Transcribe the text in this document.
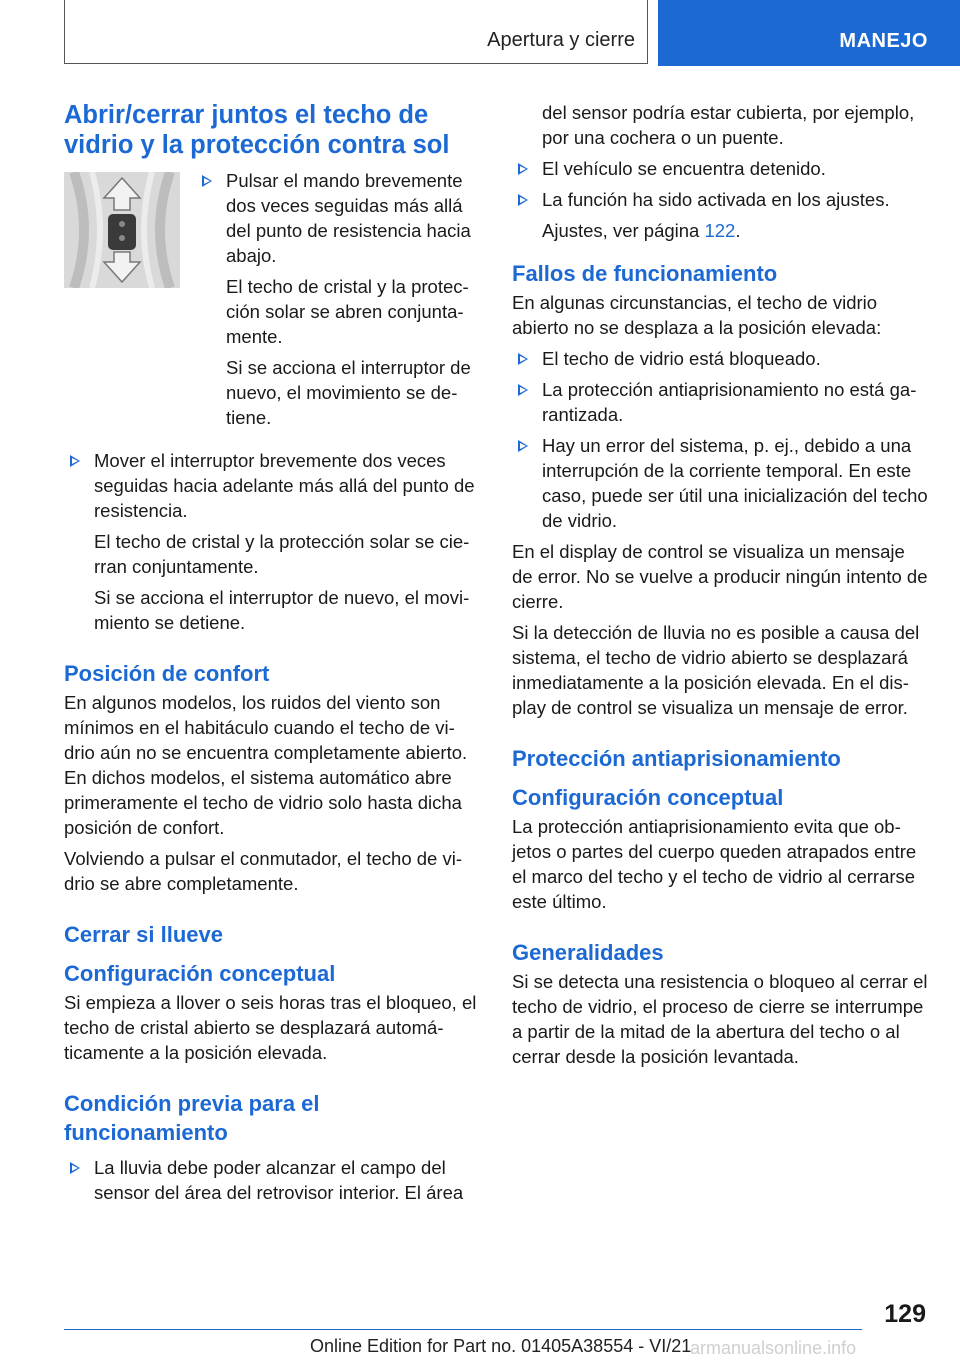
Apertura y cierre	MANEJO
Abrir/cerrar juntos el techo de vidrio y la protección contra sol
Pulsar el mando brevemente dos veces seguidas más allá del punto de resistencia hacia abajo.
El techo de cristal y la protección solar se abren conjuntamente.
Si se acciona el interruptor de nuevo, el movimiento se detiene.
Mover el interruptor brevemente dos veces seguidas hacia adelante más allá del punto de resistencia.
El techo de cristal y la protección solar se cierran conjuntamente.
Si se acciona el interruptor de nuevo, el movimiento se detiene.
Posición de confort

En algunos modelos, los ruidos del viento son mínimos en el habitáculo cuando el techo de vidrio aún no se encuentra completamente abierto. En dichos modelos, el sistema automático abre primeramente el techo de vidrio solo hasta dicha posición de confort.

Volviendo a pulsar el conmutador, el techo de vidrio se abre completamente.

Cerrar si llueve
Configuración conceptual

Si empieza a llover o seis horas tras el bloqueo, el techo de cristal abierto se desplazará automáticamente a la posición elevada.

Condición previa para el funcionamiento
La lluvia debe poder alcanzar el campo del sensor del área del retrovisor interior. El área
del sensor podría estar cubierta, por ejemplo, por una cochera o un puente.
El vehículo se encuentra detenido.
La función ha sido activada en los ajustes.
Ajustes, ver página 122.
Fallos de funcionamiento

En algunas circunstancias, el techo de vidrio abierto no se desplaza a la posición elevada:

El techo de vidrio está bloqueado.
La protección antiaprisionamiento no está garantizada.
Hay un error del sistema, p. ej., debido a una interrupción de la corriente temporal. En este caso, puede ser útil una inicialización del techo de vidrio.

En el display de control se visualiza un mensaje de error. No se vuelve a producir ningún intento de cierre.

Si la detección de lluvia no es posible a causa del sistema, el techo de vidrio abierto se desplazará inmediatamente a la posición elevada. En el display de control se visualiza un mensaje de error.

Protección antiaprisionamiento
Configuración conceptual

La protección antiaprisionamiento evita que objetos o partes del cuerpo queden atrapados entre el marco del techo y el techo de vidrio al cerrarse este último.

Generalidades

Si se detecta una resistencia o bloqueo al cerrar el techo de vidrio, el proceso de cierre se interrumpe a partir de la mitad de la abertura del techo o al cerrar desde la posición levantada.

129
Online Edition for Part no. 01405A38554 - VI/21
armanualsonline.info
